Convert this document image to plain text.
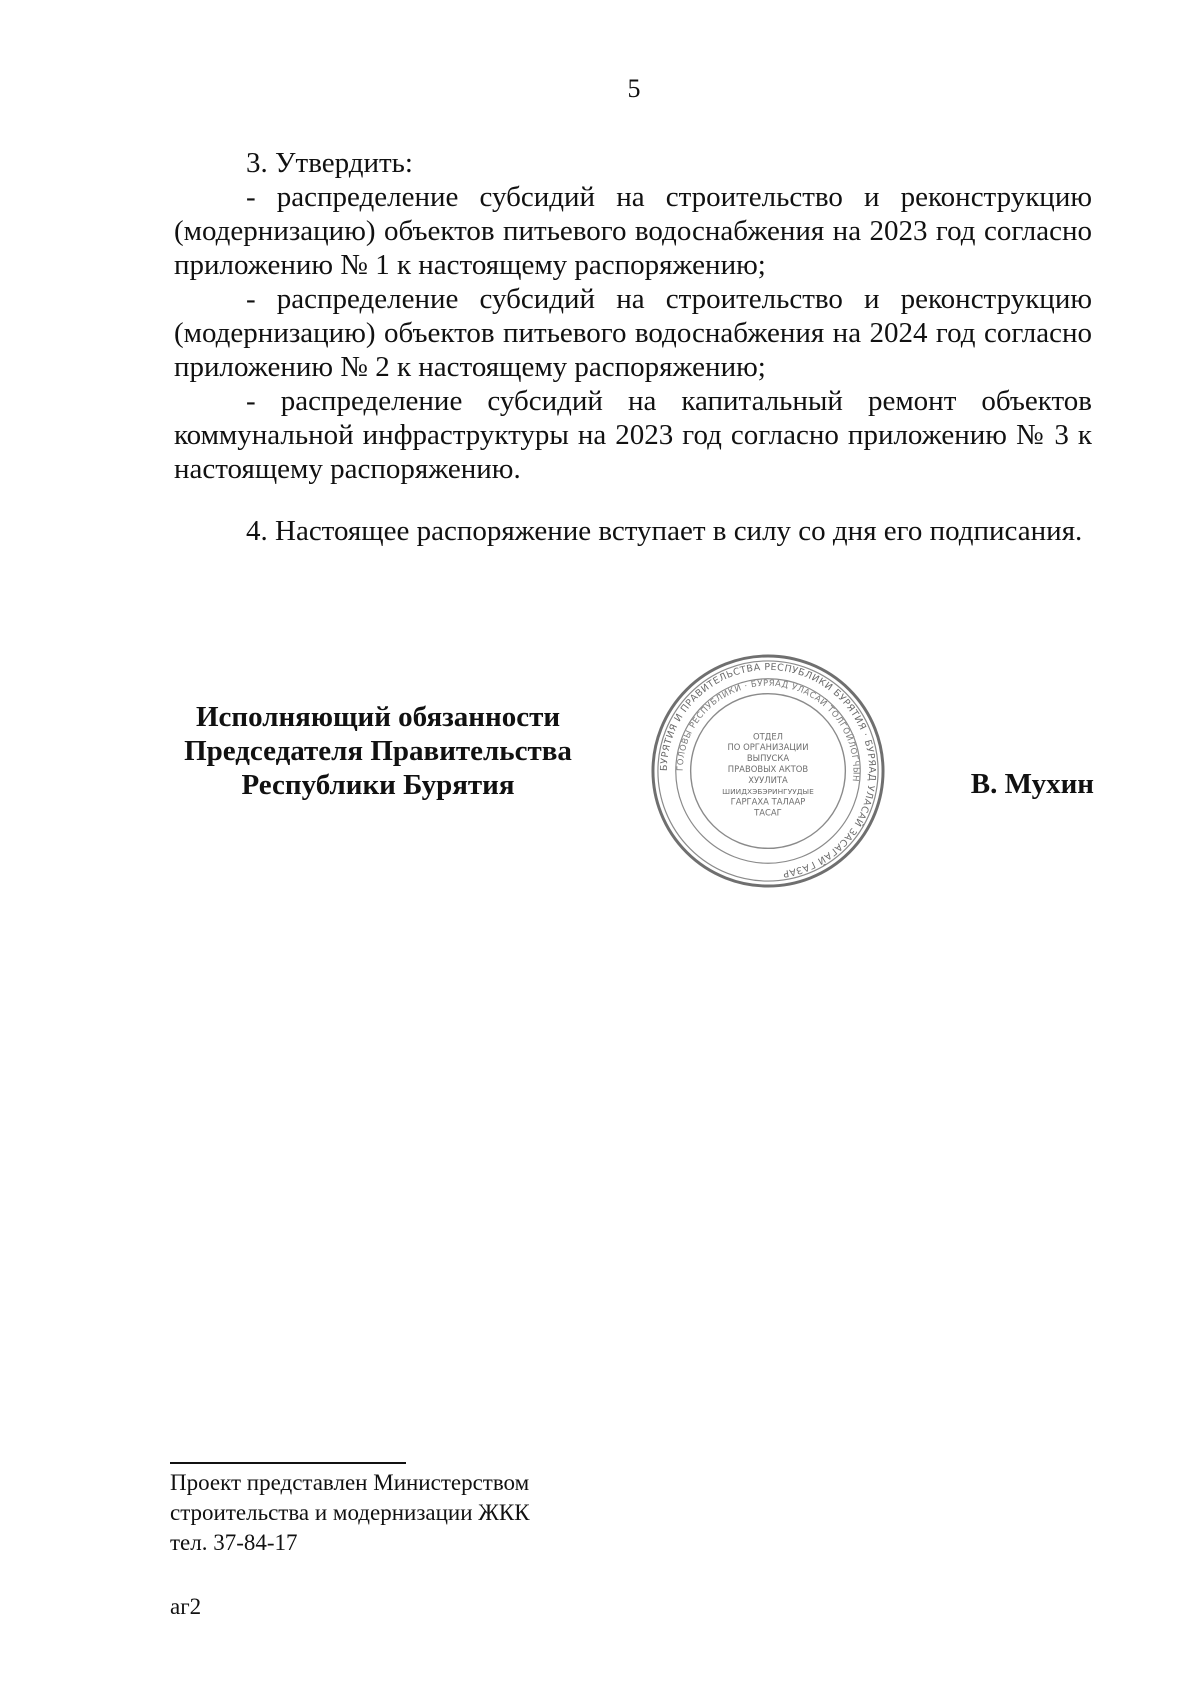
5

3. Утвердить:

- распределение субсидий на строительство и реконструкцию (модернизацию) объектов питьевого водоснабжения на 2023 год согласно приложению № 1 к настоящему распоряжению;

- распределение субсидий на строительство и реконструкцию (модернизацию) объектов питьевого водоснабжения на 2024 год согласно приложению № 2 к настоящему распоряжению;

- распределение субсидий на капитальный ремонт объектов коммунальной инфраструктуры на 2023 год согласно приложению № 3 к настоящему распоряжению.

4. Настоящее распоряжение вступает в силу со дня его подписания.

Исполняющий обязанности
Председателя Правительства
Республики Бурятия
БУРЯТИЯ И ПРАВИТЕЛЬСТВА РЕСПУБЛИКИ БУРЯТИЯ · БУРЯАД УЛАСАЙ ЗАСАГАЙ ГАЗАР
ГОЛОВЫ РЕСПУБЛИКИ · БУРЯАД УЛАСАЙ ТОЛГОЙЛОГЧЫН
ОТДЕЛ
ПО ОРГАНИЗАЦИИ
ВЫПУСКА
ПРАВОВЫХ АКТОВ
ХУУЛИТА
ШИИДХЭБЭРИНГУУДЫЕ
ГАРГАХА ТАЛААР
ТАСАГ
В. Мухин
Проект представлен Министерством
строительства и модернизации ЖКК
тел. 37-84-17
аг2
